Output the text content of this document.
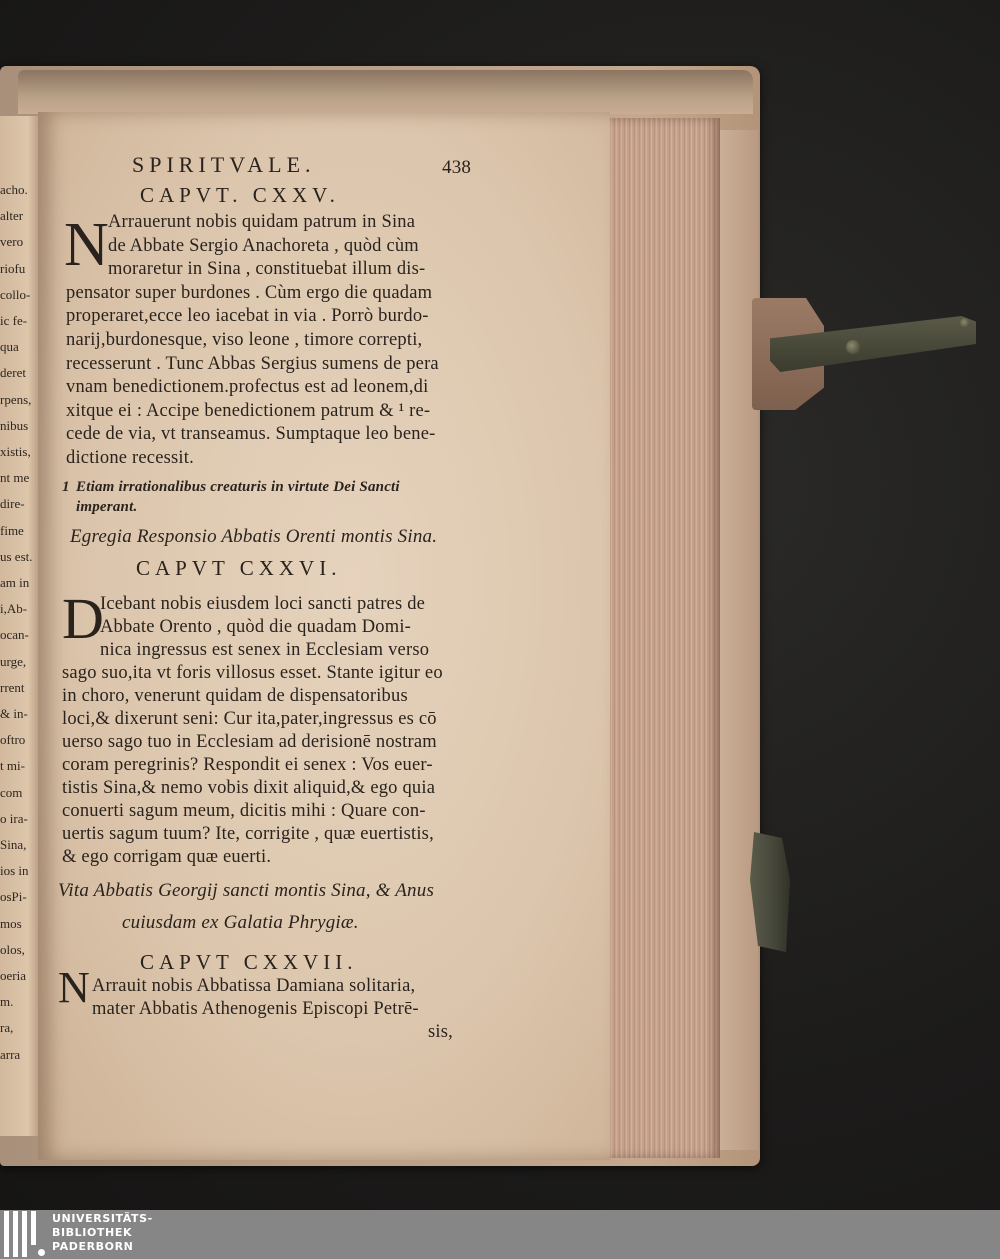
acho.
alter
vero
riofu
collo-
ic fe-
qua
deret
rpens,
nibus
xistis,
nt me
dire-
fime
us est.
am in
i,Ab-
ocan-
urge,
rrent
& in-
oftro
t mi-
com
o ira-
Sina,
ios in
osPi-
mos
olos,
oeria
m.
ra,
arra
SPIRITVALE.	438
CAPVT. CXXV.
N Arrauerunt nobis quidam patrum in Sina
de Abbate Sergio Anachoreta , quòd cùm
moraretur in Sina , constituebat illum dis-
pensator super burdones . Cùm ergo die quadam
properaret,ecce leo iacebat in via . Porrò burdo-
narij,burdonesque, viso leone , timore correpti,
recesserunt . Tunc Abbas Sergius sumens de pera
vnam benedictionem.profectus est ad leonem,di
xitque ei : Accipe benedictionem patrum & ¹ re-
cede de via, vt transeamus. Sumptaque leo bene-
dictione recessit.
1 Etiam irrationalibus creaturis in virtute Dei Sancti
imperant.
Egregia Responsio Abbatis Orenti montis Sina.
CAPVT CXXVI.
D
Icebant nobis eiusdem loci sancti patres de
Abbate Orento , quòd die quadam Domi-
nica ingressus est senex in Ecclesiam verso
sago suo,ita vt foris villosus esset. Stante igitur eo
in choro, venerunt quidam de dispensatoribus
loci,& dixerunt seni: Cur ita,pater,ingressus es cō
uerso sago tuo in Ecclesiam ad derisionē nostram
coram peregrinis? Respondit ei senex : Vos euer-
tistis Sina,& nemo vobis dixit aliquid,& ego quia
conuerti sagum meum, dicitis mihi : Quare con-
uertis sagum tuum? Ite, corrigite , quæ euertistis,
& ego corrigam quæ euerti.
Vita Abbatis Georgij sancti montis Sina, & Anus
cuiusdam ex Galatia Phrygiæ.
CAPVT CXXVII.
N Arrauit nobis Abbatissa Damiana solitaria,
mater Abbatis Athenogenis Episcopi Petrē-
sis,
UNIVERSITÄTS-
BIBLIOTHEK
PADERBORN
